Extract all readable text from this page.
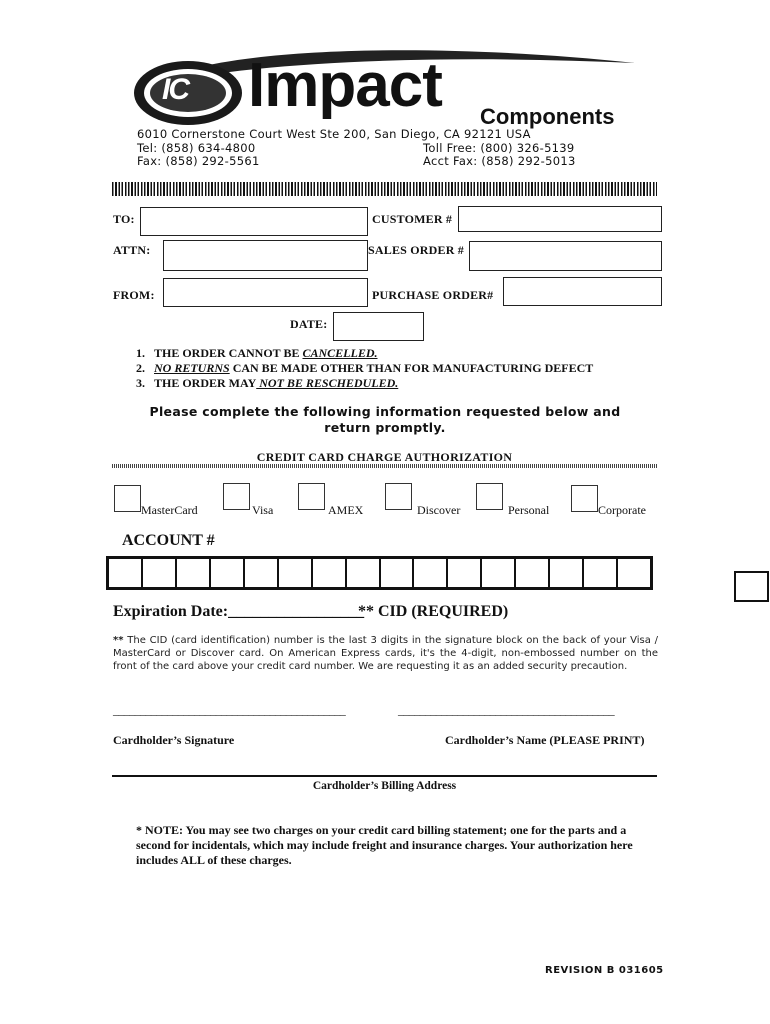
IC Impact Components
6010 Cornerstone Court West Ste 200, San Diego, CA 92121 USA
Tel: (858) 634-4800	Toll Free: (800) 326-5139
Fax: (858) 292-5561	Acct Fax: (858) 292-5013
TO:	CUSTOMER #
ATTN:	SALES ORDER #
FROM:	PURCHASE ORDER#
DATE:
1. THE ORDER CANNOT BE CANCELLED.
2. NO RETURNS CAN BE MADE OTHER THAN FOR MANUFACTURING DEFECT
3. THE ORDER MAY NOT BE RESCHEDULED.
Please complete the following information requested below and return promptly.
CREDIT CARD CHARGE AUTHORIZATION
MasterCard	Visa	AMEX	Discover	Personal	Corporate
ACCOUNT #
Expiration Date:_________________
** CID (REQUIRED)
** The CID (card identification) number is the last 3 digits in the signature block on the back of your Visa / MasterCard or Discover card. On American Express cards, it's the 4-digit, non-embossed number on the front of the card above your credit card number. We are requesting it as an added security precaution.
___________________________________________	________________________________________
Cardholder’s Signature	Cardholder’s Name (PLEASE PRINT)
Cardholder’s Billing Address
* NOTE: You may see two charges on your credit card billing statement; one for the parts and a second for incidentals, which may include freight and insurance charges. Your authorization here includes ALL of these charges.
REVISION B 031605
